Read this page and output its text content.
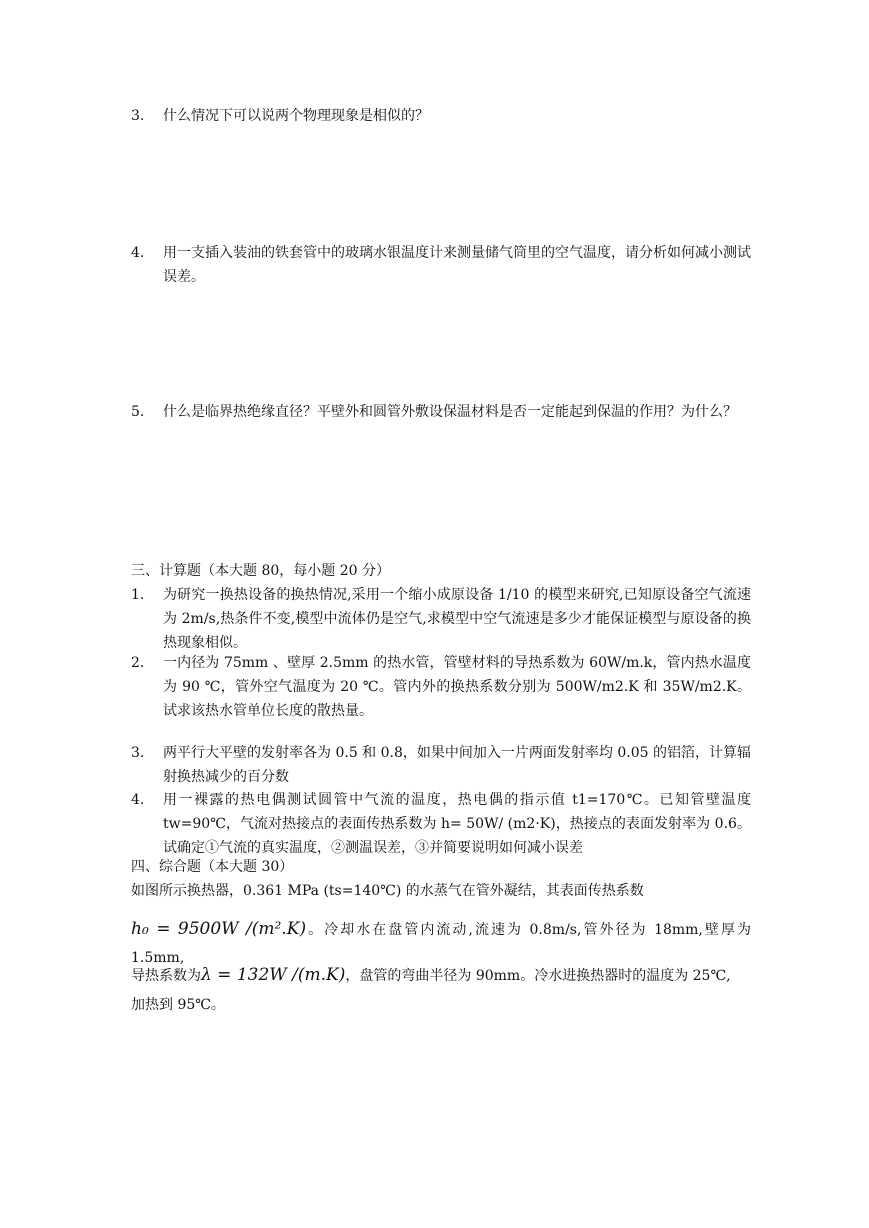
3. 什么情况下可以说两个物理现象是相似的？
4. 用一支插入装油的铁套管中的玻璃水银温度计来测量储气筒里的空气温度，请分析如何减小测试误差。
5. 什么是临界热绝缘直径？平壁外和圆管外敷设保温材料是否一定能起到保温的作用？为什么？
三、计算题（本大题 80，每小题 20 分）
1. 为研究一换热设备的换热情况,采用一个缩小成原设备 1/10 的模型来研究,已知原设备空气流速为 2m/s,热条件不变,模型中流体仍是空气,求模型中空气流速是多少才能保证模型与原设备的换热现象相似。
2. 一内径为 75mm 、壁厚 2.5mm 的热水管，管壁材料的导热系数为 60W/m.k，管内热水温度为 90 ℃，管外空气温度为 20 ℃。管内外的换热系数分别为 500W/m2.K 和 35W/m2.K。试求该热水管单位长度的散热量。
3. 两平行大平壁的发射率各为 0.5 和 0.8，如果中间加入一片两面发射率均 0.05 的铝箔，计算辐射换热减少的百分数
4. 用一裸露的热电偶测试圆管中气流的温度，热电偶的指示值 t1=170℃。已知管壁温度 tw=90℃，气流对热接点的表面传热系数为 h= 50W/ (m2·K)，热接点的表面发射率为 0.6。试确定①气流的真实温度，②测温误差，③并简要说明如何减小误差
四、综合题（本大题 30）
如图所示换热器，0.361 MPa (ts=140℃) 的水蒸气在管外凝结，其表面传热系数
h₀ = 9500W /(m².K)。冷却水在盘管内流动,流速为 0.8m/s,管外径为 18mm,壁厚为 1.5mm,
导热系数为λ = 132W /(m.K)，盘管的弯曲半径为 90mm。冷水进换热器时的温度为 25℃,
加热到 95℃。
